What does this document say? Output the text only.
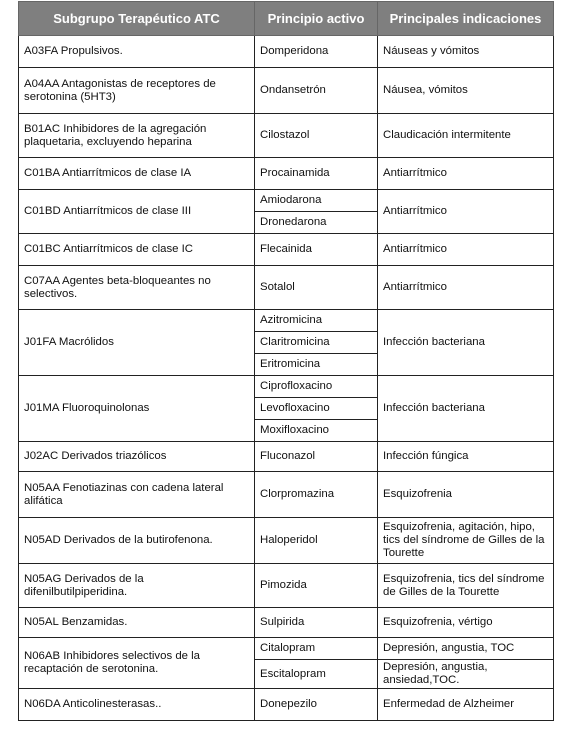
Subgrupo Terapéutico ATC	Principio activo	Principales indicaciones
A03FA Propulsivos.	Domperidona	Náuseas y vómitos
A04AA Antagonistas de receptores de serotonina (5HT3)	Ondansetrón	Náusea, vómitos
B01AC Inhibidores de la agregación plaquetaria, excluyendo heparina	Cilostazol	Claudicación intermitente
C01BA Antiarrítmicos de clase IA	Procainamida	Antiarrítmico
C01BD Antiarrítmicos de clase III	Amiodarona	Antiarrítmico
	Dronedarona	
C01BC Antiarrítmicos de clase IC	Flecainida	Antiarrítmico
C07AA Agentes beta-bloqueantes no selectivos.	Sotalol	Antiarrítmico
J01FA Macrólidos	Azitromicina	Infección bacteriana
	Claritromicina	
	Eritromicina	
J01MA Fluoroquinolonas	Ciprofloxacino	Infección bacteriana
	Levofloxacino	
	Moxifloxacino	
J02AC Derivados triazólicos	Fluconazol	Infección fúngica
N05AA Fenotiazinas con cadena lateral alifática	Clorpromazina	Esquizofrenia
N05AD Derivados de la butirofenona.	Haloperidol	Esquizofrenia, agitación, hipo, tics del síndrome de Gilles de la Tourette
N05AG Derivados de la difenilbutilpiperidina.	Pimozida	Esquizofrenia, tics del síndrome de Gilles de la Tourette
N05AL Benzamidas.	Sulpirida	Esquizofrenia, vértigo
N06AB Inhibidores selectivos de la recaptación de serotonina.	Citalopram	Depresión, angustia, TOC
	Escitalopram	Depresión, angustia, ansiedad,TOC.
N06DA Anticolinesterasas..	Donepezilo	Enfermedad de Alzheimer
